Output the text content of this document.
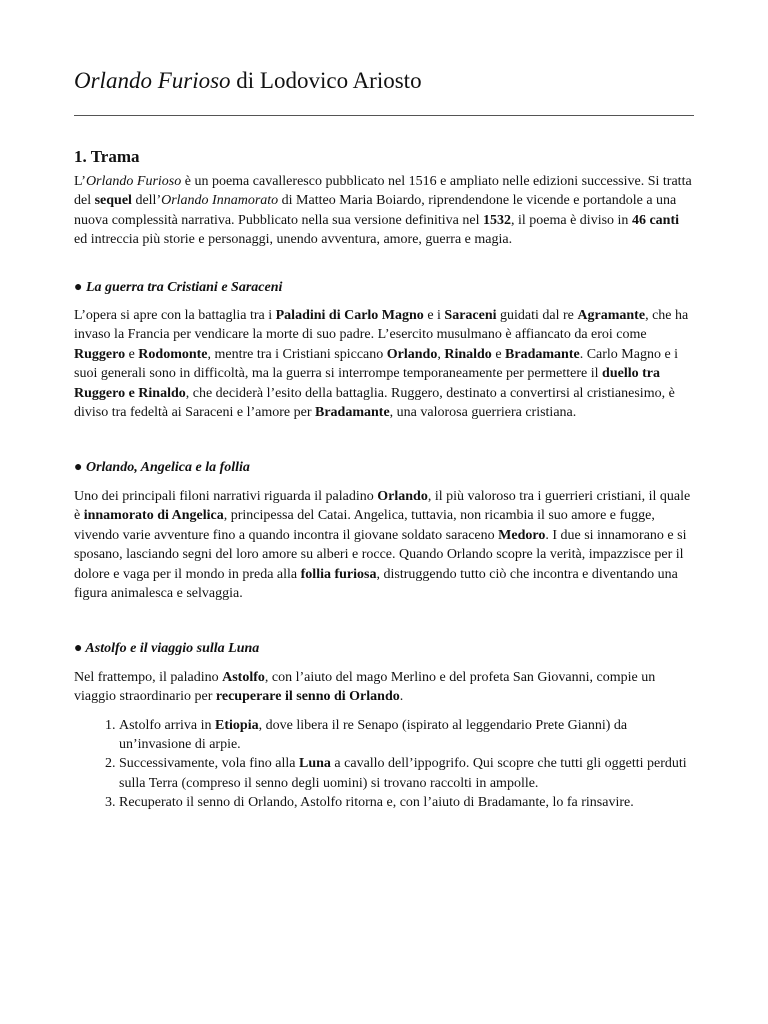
Orlando Furioso di Lodovico Ariosto
1. Trama

L’Orlando Furioso è un poema cavalleresco pubblicato nel 1516 e ampliato nelle edizioni successive. Si tratta del sequel dell’Orlando Innamorato di Matteo Maria Boiardo, riprendendone le vicende e portandole a una nuova complessità narrativa. Pubblicato nella sua versione definitiva nel 1532, il poema è diviso in 46 canti ed intreccia più storie e personaggi, unendo avventura, amore, guerra e magia.

● La guerra tra Cristiani e Saraceni

L’opera si apre con la battaglia tra i Paladini di Carlo Magno e i Saraceni guidati dal re Agramante, che ha invaso la Francia per vendicare la morte di suo padre. L’esercito musulmano è affiancato da eroi come Ruggero e Rodomonte, mentre tra i Cristiani spiccano Orlando, Rinaldo e Bradamante. Carlo Magno e i suoi generali sono in difficoltà, ma la guerra si interrompe temporaneamente per permettere il duello tra Ruggero e Rinaldo, che deciderà l’esito della battaglia. Ruggero, destinato a convertirsi al cristianesimo, è diviso tra fedeltà ai Saraceni e l’amore per Bradamante, una valorosa guerriera cristiana.

● Orlando, Angelica e la follia

Uno dei principali filoni narrativi riguarda il paladino Orlando, il più valoroso tra i guerrieri cristiani, il quale è innamorato di Angelica, principessa del Catai. Angelica, tuttavia, non ricambia il suo amore e fugge, vivendo varie avventure fino a quando incontra il giovane soldato saraceno Medoro. I due si innamorano e si sposano, lasciando segni del loro amore su alberi e rocce. Quando Orlando scopre la verità, impazzisce per il dolore e vaga per il mondo in preda alla follia furiosa, distruggendo tutto ciò che incontra e diventando una figura animalesca e selvaggia.

● Astolfo e il viaggio sulla Luna

Nel frattempo, il paladino Astolfo, con l’aiuto del mago Merlino e del profeta San Giovanni, compie un viaggio straordinario per recuperare il senno di Orlando.

1. Astolfo arriva in Etiopia, dove libera il re Senapo (ispirato al leggendario Prete Gianni) da un’invasione di arpie.
2. Successivamente, vola fino alla Luna a cavallo dell’ippogrifo. Qui scopre che tutti gli oggetti perduti sulla Terra (compreso il senno degli uomini) si trovano raccolti in ampolle.
3. Recuperato il senno di Orlando, Astolfo ritorna e, con l’aiuto di Bradamante, lo fa rinsavire.
